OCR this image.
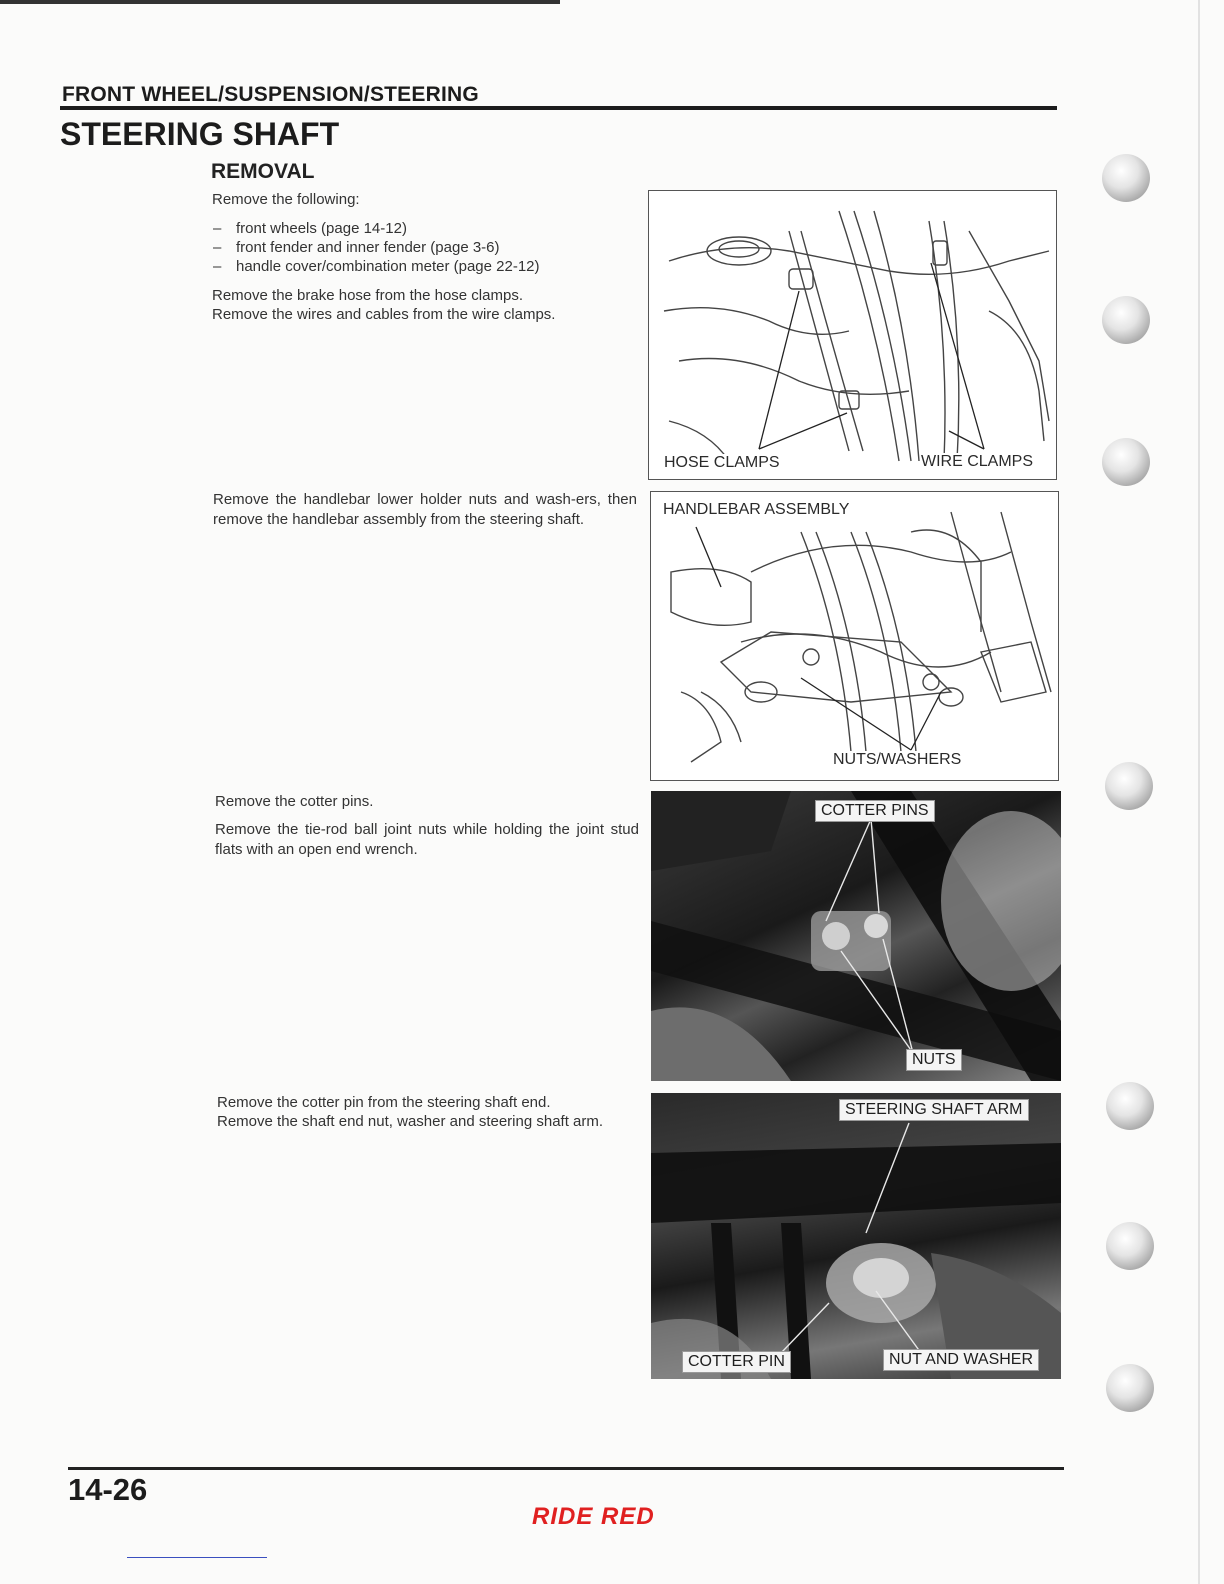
FRONT WHEEL/SUSPENSION/STEERING
STEERING SHAFT
REMOVAL

Remove the following:

– front wheels (page 14-12)
– front fender and inner fender (page 3-6)
– handle cover/combination meter (page 22-12)

Remove the brake hose from the hose clamps.

Remove the wires and cables from the wire clamps.

Remove the handlebar lower holder nuts and wash-ers, then remove the handlebar assembly from the steering shaft.

Remove the cotter pins.

Remove the tie-rod ball joint nuts while holding the joint stud flats with an open end wrench.

Remove the cotter pin from the steering shaft end.

Remove the shaft end nut, washer and steering shaft arm.

HOSE CLAMPS	WIRE CLAMPS
HANDLEBAR ASSEMBLY
NUTS/WASHERS
COTTER PINS
NUTS
STEERING SHAFT ARM
COTTER PIN	NUT AND WASHER
14-26
RIDE RED
